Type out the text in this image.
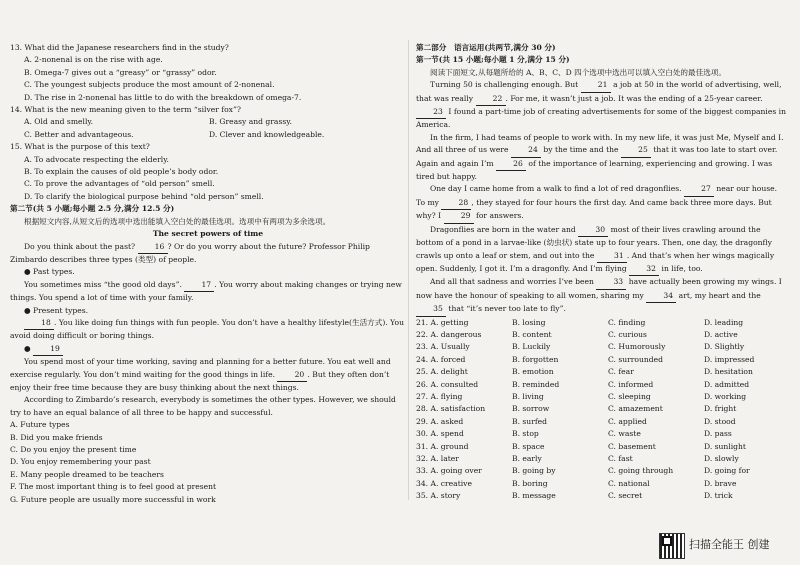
13. What did the Japanese researchers find in the study?

A. 2-nonenal is on the rise with age.

B. Omega-7 gives out a “greasy” or “grassy” odor.

C. The youngest subjects produce the most amount of 2-nonenal.

D. The rise in 2-nonenal has little to do with the breakdown of omega-7.

14. What is the new meaning given to the term “silver fox”?

A. Old and smelly.	B. Greasy and grassy.
C. Better and advantageous.	D. Clever and knowledgeable.

15. What is the purpose of this text?

A. To advocate respecting the elderly.

B. To explain the causes of old people’s body odor.

C. To prove the advantages of “old person” smell.

D. To clarify the biological purpose behind “old person” smell.

第二节(共 5 小题;每小题 2.5 分,满分 12.5 分)

根据短文内容,从短文后的选项中选出能填入空白处的最佳选项。选项中有两项为多余选项。

The secret powers of time

Do you think about the past?	16 ? Or do you worry about the future? Professor Philip Zimbardo describes three types (类型) of people.

● Past types.

You sometimes miss “the good old days”.	17 . You worry about making changes or trying new things. You spend a lot of time with your family.

● Present types.

18 . You like doing fun things with fun people. You don’t have a healthy lifestyle(生活方式). You avoid doing difficult or boring things.

● 19

You spend most of your time working, saving and planning for a better future. You eat well and exercise regularly. You don’t mind waiting for the good things in life.	20 . But they often don’t enjoy their free time because they are busy thinking about the next things.

According to Zimbardo’s research, everybody is sometimes the other types. However, we should try to have an equal balance of all three to be happy and successful.

A. Future types

B. Did you make friends

C. Do you enjoy the present time

D. You enjoy remembering your past

E. Many people dreamed to be teachers

F. The most important thing is to feel good at present

G. Future people are usually more successful in work

第二部分　语言运用(共两节,满分 30 分)

第一节(共 15 小题;每小题 1 分,满分 15 分)

阅读下面短文,从每题所给的 A、B、C、D 四个选项中选出可以填入空白处的最佳选项。

Turning 50 is challenging enough. But	21 a job at 50 in the world of advertising, well, that was really	22 . For me, it wasn’t just a job. It was the ending of a 25-year career. 23 I found a part-time job of creating advertisements for some of the biggest companies in America.

In the firm, I had teams of people to work with. In my new life, it was just Me, Myself and I. And all three of us were	24 by the time and the	25 that it was too late to start over. Again and again I’m	26 of the importance of learning, experiencing and growing. I was tired but happy.

One day I came home from a walk to find a lot of red dragonflies.	27 near our house. To my	28 , they stayed for four hours the first day. And came back three more days. But why? I	29 for answers.

Dragonflies are born in the water and	30 most of their lives crawling around the bottom of a pond in a larvae-like (幼虫状) state up to four years. Then, one day, the dragonfly crawls up onto a leaf or stem, and out into the	31 . And that’s when her wings magically open. Suddenly, I got it. I’m a dragonfly. And I’m flying	32 in life, too.

And all that sadness and worries I’ve been	33 have actually been growing my wings. I now have the honour of speaking to all women, sharing my	34 art, my heart and the 35 that “it’s never too late to fly”.

21. A. getting	B. losing	C. finding	D. leading
22. A. dangerous	B. content	C. curious	D. active
23. A. Usually	B. Luckily	C. Humorously	D. Slightly
24. A. forced	B. forgotten	C. surrounded	D. impressed
25. A. delight	B. emotion	C. fear	D. hesitation
26. A. consulted	B. reminded	C. informed	D. admitted
27. A. flying	B. living	C. sleeping	D. working
28. A. satisfaction	B. sorrow	C. amazement	D. fright
29. A. asked	B. surfed	C. applied	D. stood
30. A. spend	B. stop	C. waste	D. pass
31. A. ground	B. space	C. basement	D. sunlight
32. A. later	B. early	C. fast	D. slowly
33. A. going over	B. going by	C. going through	D. going for
34. A. creative	B. boring	C. national	D. brave
35. A. story	B. message	C. secret	D. trick
扫描全能王 创建
